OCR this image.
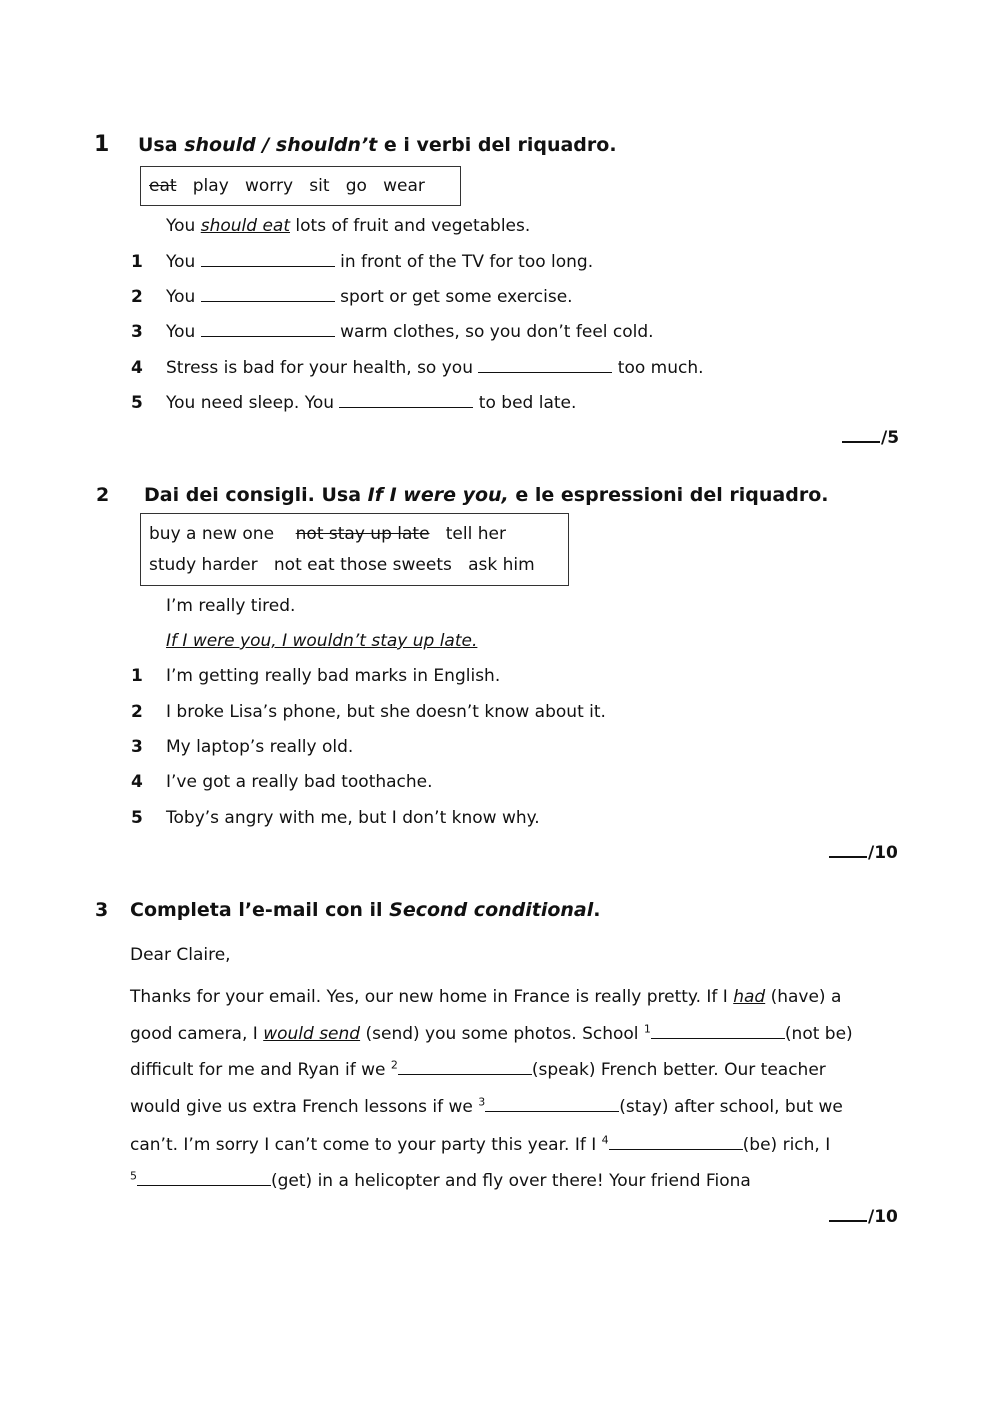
1 Usa should / shouldn’t e i verbi del riquadro.
eat play worry sit go wear
You should eat lots of fruit and vegetables.
1 You	in front of the TV for too long.
2 You	sport or get some exercise.
3 You	warm clothes, so you don’t feel cold.
4 Stress is bad for your health, so you	too much.
5 You need sleep. You	to bed late.
/5
2 Dai dei consigli. Usa If I were you, e le espressioni del riquadro.
buy a new one not stay up late tell her
study harder not eat those sweets ask him
I’m really tired.
If I were you, I wouldn’t stay up late.
1 I’m getting really bad marks in English.
2 I broke Lisa’s phone, but she doesn’t know about it.
3 My laptop’s really old.
4 I’ve got a really bad toothache.
5 Toby’s angry with me, but I don’t know why.
/10
3 Completa l’e-mail con il Second conditional.
Dear Claire,
Thanks for your email. Yes, our new home in France is really pretty. If I had (have) a
good camera, I would send (send) you some photos. School $^1$	(not be)
difficult for me and Ryan if we $^2$	(speak) French better. Our teacher
would give us extra French lessons if we $^3$	(stay) after school, but we
can’t. I’m sorry I can’t come to your party this year. If I $^4$	(be) rich, I
$^5$	(get) in a helicopter and fly over there! Your friend Fiona
/10
